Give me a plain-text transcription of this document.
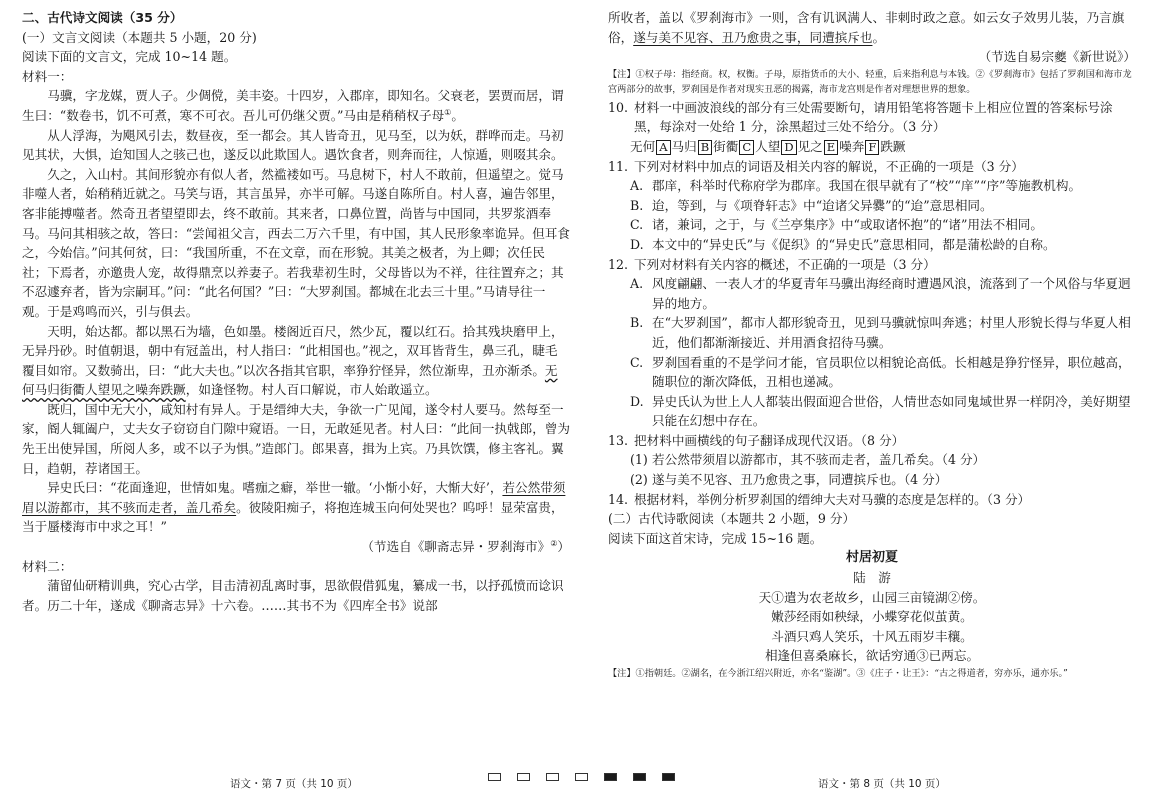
二、古代诗文阅读（35 分）

(一）文言文阅读（本题共 5 小题，20 分)

阅读下面的文言文，完成 10~14 题。

材料一：

马骥，字龙媒，贾人子。少倜傥，美丰姿。十四岁，入郡庠，即知名。父衰老，罢贾而居，谓生曰：“数卷书，饥不可煮，寒不可衣。吾儿可仍继父贾。”马由是稍稍权子母①。

从人浮海，为飓风引去，数昼夜，至一都会。其人皆奇丑，见马至，以为妖，群哗而走。马初见其状，大惧，迨知国人之骇己也，遂反以此欺国人。遇饮食者，则奔而往，人惊遁，则啜其余。

久之，入山村。其间形貌亦有似人者，然褴褛如丐。马息树下，村人不敢前，但遥望之。觉马非噬人者，始稍稍近就之。马笑与语，其言虽异，亦半可解。马遂自陈所自。村人喜，遍告邻里，客非能搏噬者。然奇丑者望望即去，终不敢前。其来者，口鼻位置，尚皆与中国同，共罗浆酒奉马。马问其相骇之故，答曰：“尝闻祖父言，西去二万六千里，有中国，其人民形象率诡异。但耳食之，今始信。”问其何贫，曰：“我国所重，不在文章，而在形貌。其美之极者，为上卿；次任民社；下焉者，亦邀贵人宠，故得鼎烹以养妻子。若我辈初生时，父母皆以为不祥，往往置弃之；其不忍遽弃者，皆为宗嗣耳。”问：“此名何国？”曰：“大罗刹国。都城在北去三十里。”马请导往一观。于是鸡鸣而兴，引与俱去。

天明，始达都。都以黑石为墙，色如墨。楼阁近百尺，然少瓦，覆以红石。拾其残块磨甲上，无异丹砂。时值朝退，朝中有冠盖出，村人指曰：“此相国也。”视之，双耳皆背生，鼻三孔，睫毛覆目如帘。又数骑出，曰：“此大夫也。”以次各指其官职，率狰狞怪异，然位渐卑，丑亦渐杀。无何马归街衢人望见之噪奔跌蹶，如逢怪物。村人百口解说，市人始敢遥立。

既归，国中无大小，咸知村有异人。于是缙绅大夫，争欲一广见闻，遂令村人要马。然每至一家，阍人辄阖户，丈夫女子窃窃自门隙中窥语。一日，无敢延见者。村人曰：“此间一执戟郎，曾为先王出使异国，所阅人多，或不以子为惧。”造郎门。郎果喜，揖为上宾。乃具饮馔，修主客礼。翼日，趋朝，荐诸国王。

异史氏曰：“花面逢迎，世情如鬼。嗜痂之癖，举世一辙。‘小惭小好，大惭大好’，若公然带须眉以游都市，其不骇而走者，盖几希矣。彼陵阳痴子，将抱连城玉向何处哭也？呜呼！显荣富贵，当于蜃楼海市中求之耳！”

（节选自《聊斋志异・罗刹海市》②）

材料二：

蒲留仙研精训典，究心古学，目击清初乱离时事，思欲假借狐鬼，纂成一书，以抒孤愤而谂识者。历二十年，遂成《聊斋志异》十六卷。……其书不为《四库全书》说部

所收者，盖以《罗刹海市》一则，含有讥讽满人、非刺时政之意。如云女子效男儿装，乃言旗俗，遂与美不见容、丑乃愈贵之事，同遭摈斥也。

（节选自易宗夔《新世说》）

【注】①权子母：指经商。权，权衡。子母，原指货币的大小、轻重，后来指利息与本钱。②《罗刹海市》包括了罗刹国和海市龙宫两部分的故事，罗刹国是作者对现实丑恶的揭露，海市龙宫则是作者对理想世界的想象。

10. 材料一中画波浪线的部分有三处需要断句，请用铅笔将答题卡上相应位置的答案标号涂黑，每涂对一处给 1 分，涂黑超过三处不给分。（3 分）

无何 A 马归 B 街衢 C 人望 D 见之 E 噪奔 F 跌蹶

11. 下列对材料中加点的词语及相关内容的解说，不正确的一项是（3 分）
A. 郡庠，科举时代称府学为郡庠。我国在很早就有了“校”“庠”“序”等施教机构。
B. 迨，等到，与《项脊轩志》中“迨诸父异爨”的“迨”意思相同。
C. 诸，兼词，之于，与《兰亭集序》中“或取诸怀抱”的“诸”用法不相同。
D. 本文中的“异史氏”与《促织》的“异史氏”意思相同，都是蒲松龄的自称。
12. 下列对材料有关内容的概述，不正确的一项是（3 分）
A. 风度翩翩、一表人才的华夏青年马骥出海经商时遭遇风浪，流落到了一个风俗与华夏迥异的地方。
B. 在“大罗刹国”，都市人都形貌奇丑，见到马骥就惊叫奔逃；村里人形貌长得与华夏人相近，他们都渐渐接近、并用酒食招待马骥。
C. 罗刹国看重的不是学问才能，官员职位以相貌论高低。长相越是狰狞怪异，职位越高，随职位的渐次降低，丑相也递减。
D. 异史氏认为世上人人都装出假面迎合世俗，人情世态如同鬼域世界一样阴冷，美好期望只能在幻想中存在。
13. 把材料中画横线的句子翻译成现代汉语。（8 分）
(1) 若公然带须眉以游都市，其不骇而走者，盖几希矣。（4 分）
(2) 遂与美不见容、丑乃愈贵之事，同遭摈斥也。（4 分）
14. 根据材料，举例分析罗刹国的缙绅大夫对马骥的态度是怎样的。（3 分）

(二）古代诗歌阅读（本题共 2 小题，9 分）

阅读下面这首宋诗，完成 15~16 题。

村居初夏

陆　游

天①遣为农老故乡，山园三亩镜湖②傍。

嫩莎经雨如秧绿，小蝶穿花似茧黄。

斗酒只鸡人笑乐，十风五雨岁丰穰。

相逢但喜桑麻长，欲话穷通③已两忘。

【注】①指朝廷。②湖名，在今浙江绍兴附近，亦名“鉴湖”。③《庄子・让王》：“古之得道者，穷亦乐，通亦乐。”

语文・第 7 页（共 10 页）	语文・第 8 页（共 10 页）
